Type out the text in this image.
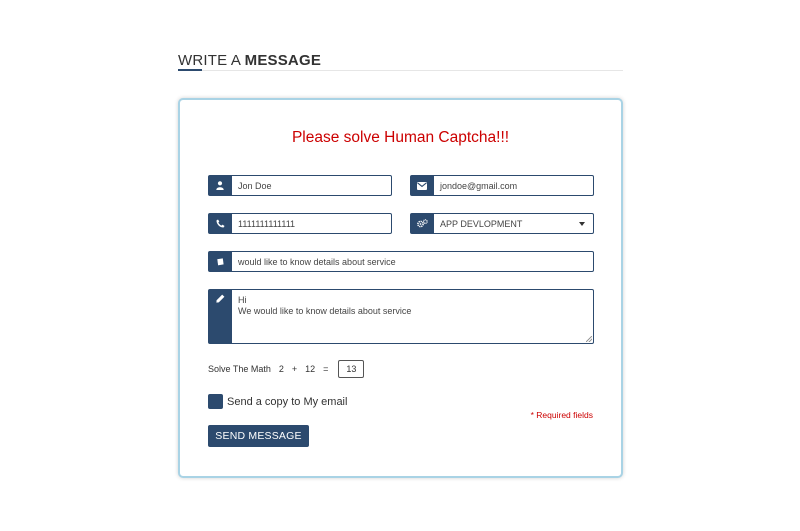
WRITE A MESSAGE
Please solve Human Captcha!!!
Jon Doe	jondoe@gmail.com
1111111111111	APP DEVLOPMENT
would like to know details about service
Hi
We would like to know details about service
Solve The Math 2 + 12 =	13
Send a copy to My email
* Required fields
SEND MESSAGE
